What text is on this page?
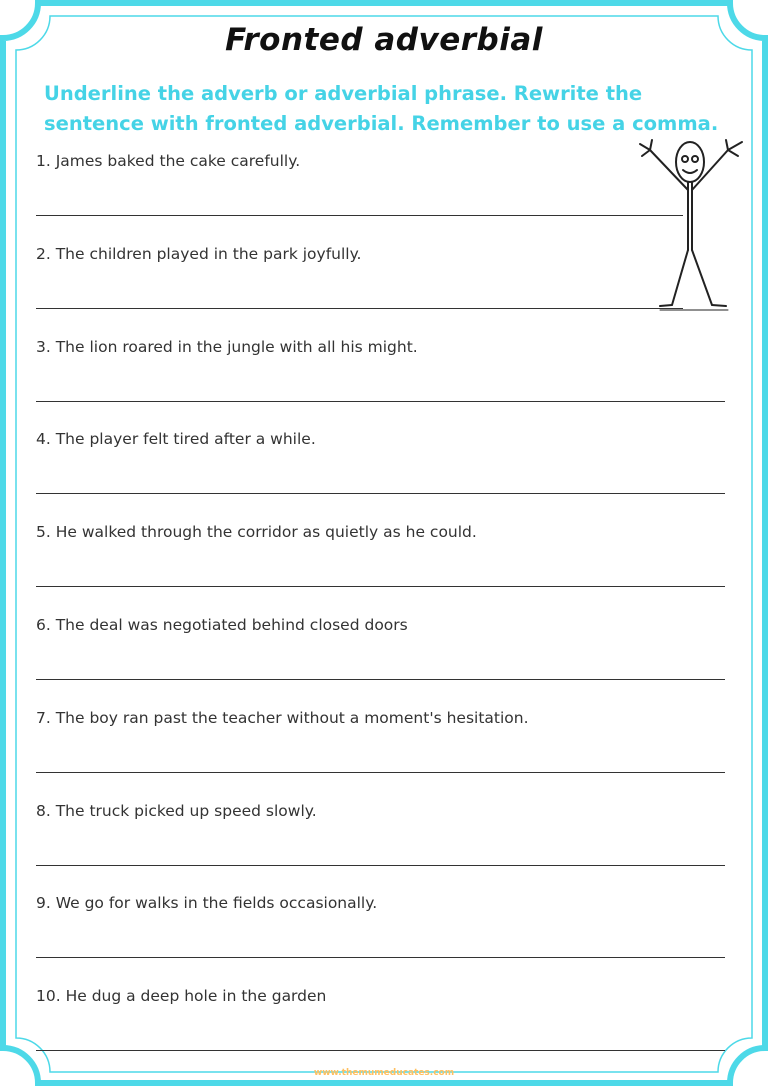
Fronted adverbial
Underline the adverb or adverbial phrase. Rewrite the sentence with fronted adverbial. Remember to use a comma.
1. James baked the cake carefully.
2. The children played in the park joyfully.
3. The lion roared in the jungle with all his might.
4. The player felt tired after a while.
5. He walked through the corridor as quietly as he could.
6. The deal was negotiated behind closed doors
7. The boy ran past the teacher without a moment's hesitation.
8. The truck picked up speed slowly.
9. We go for walks in the fields occasionally.
10. He dug a deep hole in the garden
www.themumeducates.com
